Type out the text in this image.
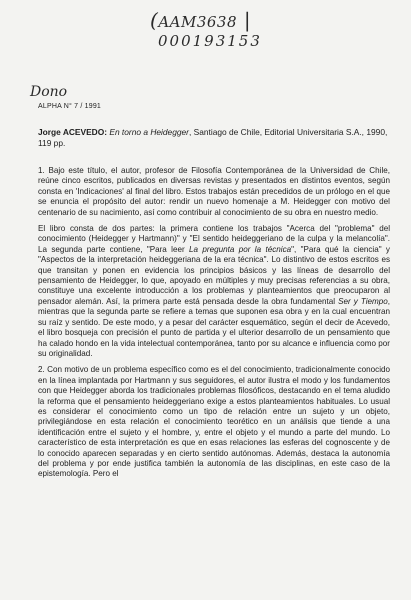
(AAM3638 |
000193153
Dono
ALPHA N° 7 / 1991

Jorge ACEVEDO: En torno a Heidegger, Santiago de Chile, Editorial Universitaria S.A., 1990, 119 pp.

1. Bajo este título, el autor, profesor de Filosofía Contemporánea de la Universidad de Chile, reúne cinco escritos, publicados en diversas revistas y presentados en distintos eventos, según consta en 'Indicaciones' al final del libro. Estos trabajos están precedidos de un prólogo en el que se enuncia el propósito del autor: rendir un nuevo homenaje a M. Heidegger con motivo del centenario de su nacimiento, así como contribuir al conocimiento de su obra en nuestro medio.

El libro consta de dos partes: la primera contiene los trabajos "Acerca del "problema" del conocimiento (Heidegger y Hartmann)" y "El sentido heideggeriano de la culpa y la melancolía". La segunda parte contiene, "Para leer La pregunta por la técnica", "Para qué la ciencia" y "Aspectos de la interpretación heideggeriana de la era técnica". Lo distintivo de estos escritos es que transitan y ponen en evidencia los principios básicos y las líneas de desarrollo del pensamiento de Heidegger, lo que, apoyado en múltiples y muy precisas referencias a su obra, constituye una excelente introducción a los problemas y planteamientos que preocuparon al pensador alemán. Así, la primera parte está pensada desde la obra fundamental Ser y Tiempo, mientras que la segunda parte se refiere a temas que suponen esa obra y en la cual encuentran su raíz y sentido. De este modo, y a pesar del carácter esquemático, según el decir de Acevedo, el libro bosqueja con precisión el punto de partida y el ulterior desarrollo de un pensamiento que ha calado hondo en la vida intelectual contemporánea, tanto por su alcance e influencia como por su originalidad.

2. Con motivo de un problema específico como es el del conocimiento, tradicionalmente conocido en la línea implantada por Hartmann y sus seguidores, el autor ilustra el modo y los fundamentos con que Heidegger aborda los tradicionales problemas filosóficos, destacando en el tema aludido la reforma que el pensamiento heideggeriano exige a estos planteamientos habituales. Lo usual es considerar el conocimiento como un tipo de relación entre un sujeto y un objeto, privilegiándose en esta relación el conocimiento teorético en un análisis que tiende a una identificación entre el sujeto y el hombre, y, entre el objeto y el mundo a parte del mundo. Lo característico de esta interpretación es que en esas relaciones las esferas del cognoscente y de lo conocido aparecen separadas y en cierto sentido autónomas. Además, destaca la autonomía del problema y por ende justifica también la autonomía de las disciplinas, en este caso de la epistemología. Pero el
